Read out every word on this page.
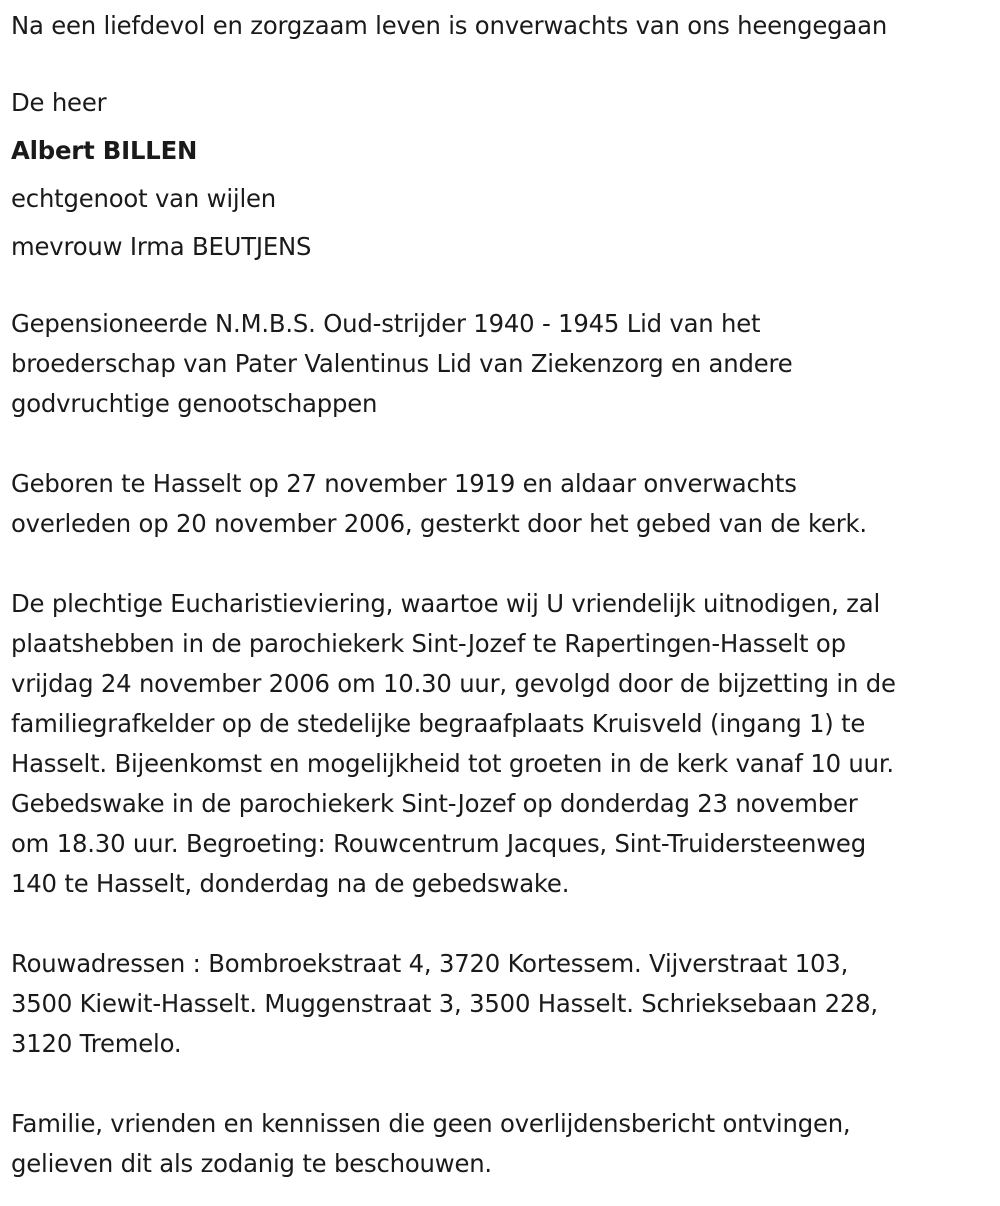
Na een liefdevol en zorgzaam leven is onverwachts van ons heengegaan

De heer

Albert BILLEN

echtgenoot van wijlen

mevrouw Irma BEUTJENS

Gepensioneerde N.M.B.S. Oud-strijder 1940 - 1945 Lid van het

broederschap van Pater Valentinus Lid van Ziekenzorg en andere

godvruchtige genootschappen

Geboren te Hasselt op 27 november 1919 en aldaar onverwachts

overleden op 20 november 2006, gesterkt door het gebed van de kerk.

De plechtige Eucharistieviering, waartoe wij U vriendelijk uitnodigen, zal

plaatshebben in de parochiekerk Sint-Jozef te Rapertingen-Hasselt op

vrijdag 24 november 2006 om 10.30 uur, gevolgd door de bijzetting in de

familiegrafkelder op de stedelijke begraafplaats Kruisveld (ingang 1) te

Hasselt. Bijeenkomst en mogelijkheid tot groeten in de kerk vanaf 10 uur.

Gebedswake in de parochiekerk Sint-Jozef op donderdag 23 november

om 18.30 uur. Begroeting: Rouwcentrum Jacques, Sint-Truidersteenweg

140 te Hasselt, donderdag na de gebedswake.

Rouwadressen : Bombroekstraat 4, 3720 Kortessem. Vijverstraat 103,

3500 Kiewit-Hasselt. Muggenstraat 3, 3500 Hasselt. Schrieksebaan 228,

3120 Tremelo.

Familie, vrienden en kennissen die geen overlijdensbericht ontvingen,

gelieven dit als zodanig te beschouwen.
